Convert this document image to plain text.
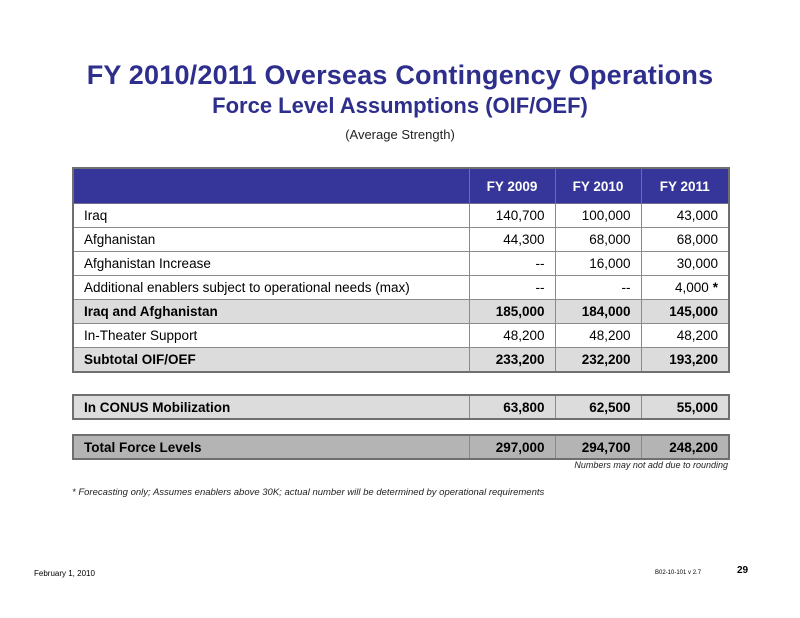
FY 2010/2011 Overseas Contingency Operations
Force Level Assumptions (OIF/OEF)
(Average Strength)
	FY 2009	FY 2010	FY 2011
Iraq	140,700	100,000	43,000
Afghanistan	44,300	68,000	68,000
Afghanistan Increase	--	16,000	30,000
Additional enablers subject to operational needs (max)	--	--	4,000 *
Iraq and Afghanistan	185,000	184,000	145,000
In-Theater Support	48,200	48,200	48,200
Subtotal OIF/OEF	233,200	232,200	193,200
In CONUS Mobilization	63,800	62,500	55,000
Total Force Levels	297,000	294,700	248,200
Numbers may not add due to rounding
* Forecasting only; Assumes enablers above 30K; actual number will be determined by operational requirements
February 1, 2010	B02-10-101 v 2.7	29
